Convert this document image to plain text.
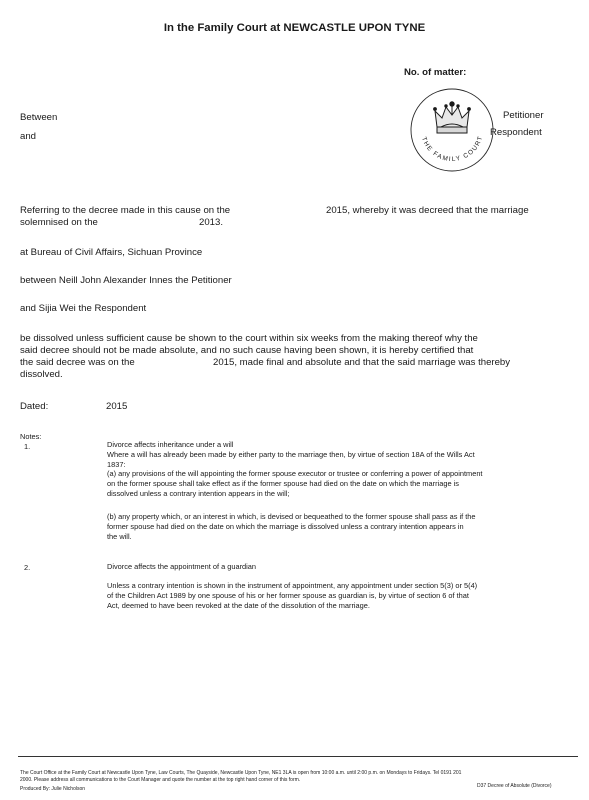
In the Family Court at NEWCASTLE UPON TYNE
No. of matter:
THE FAMILY COURT
Between
and
Petitioner
Respondent
Referring to the decree made in this cause on the	2015, whereby it was decreed that the marriage
solemnised on the	2013.
at Bureau of Civil Affairs, Sichuan Province
between Neill John Alexander Innes the Petitioner
and Sijia Wei the Respondent
be dissolved unless sufficient cause be shown to the court within six weeks from the making thereof why the
said decree should not be made absolute, and no such cause having been shown, it is hereby certified that
the said decree was on the	2015, made final and absolute and that the said marriage was thereby
dissolved.
Dated:	2015
Notes:
1.	Divorce affects inheritance under a will
Where a will has already been made by either party to the marriage then, by virtue of section 18A of the Wills Act
1837:
(a) any provisions of the will appointing the former spouse executor or trustee or conferring a power of appointment
on the former spouse shall take effect as if the former spouse had died on the date on which the marriage is
dissolved unless a contrary intention appears in the will;
(b) any property which, or an interest in which, is devised or bequeathed to the former spouse shall pass as if the
former spouse had died on the date on which the marriage is dissolved unless a contrary intention appears in
the will.
2.	Divorce affects the appointment of a guardian
Unless a contrary intention is shown in the instrument of appointment, any appointment under section 5(3) or 5(4)
of the Children Act 1989 by one spouse of his or her former spouse as guardian is, by virtue of section 6 of that
Act, deemed to have been revoked at the date of the dissolution of the marriage.
The Court Office at the Family Court at Newcastle Upon Tyne, Law Courts, The Quayside, Newcastle Upon Tyne, NE1 3LA is open from 10:00 a.m. until 2:00 p.m. on Mondays to Fridays. Tel 0191 201
2000. Please address all communications to the Court Manager and quote the number at the top right hand corner of this form.
Produced By: Julie Nicholson	D37 Decree of Absolute (Divorce)
